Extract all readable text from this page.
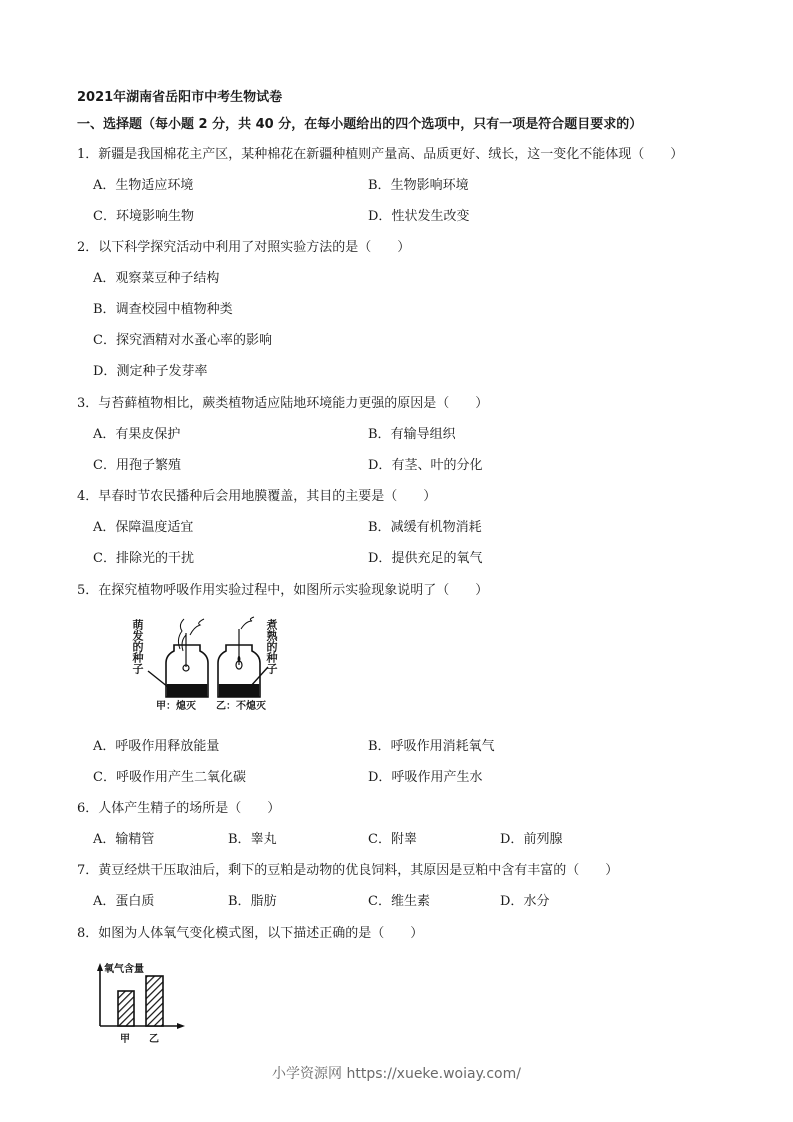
2021年湖南省岳阳市中考生物试卷
一、选择题（每小题 2 分，共 40 分，在每小题给出的四个选项中，只有一项是符合题目要求的）
1．新疆是我国棉花主产区，某种棉花在新疆种植则产量高、品质更好、绒长，这一变化不能体现（　　）
A．生物适应环境	B．生物影响环境
C．环境影响生物	D．性状发生改变
2．以下科学探究活动中利用了对照实验方法的是（　　）
A．观察菜豆种子结构
B．调查校园中植物种类
C．探究酒精对水蚤心率的影响
D．测定种子发芽率
3．与苔藓植物相比，蕨类植物适应陆地环境能力更强的原因是（　　）
A．有果皮保护	B．有输导组织
C．用孢子繁殖	D．有茎、叶的分化
4．早春时节农民播种后会用地膜覆盖，其目的主要是（　　）
A．保障温度适宜	B．减缓有机物消耗
C．排除光的干扰	D．提供充足的氧气
5．在探究植物呼吸作用实验过程中，如图所示实验现象说明了（　　）
萌发的种子	煮熟的种子
甲：熄灭 乙：不熄灭
A．呼吸作用释放能量	B．呼吸作用消耗氧气
C．呼吸作用产生二氧化碳	D．呼吸作用产生水
6．人体产生精子的场所是（　　）
A．输精管	B．睾丸	C．附睾	D．前列腺
7．黄豆经烘干压取油后，剩下的豆粕是动物的优良饲料，其原因是豆粕中含有丰富的（　　）
A．蛋白质	B．脂肪	C．维生素	D．水分
8．如图为人体氧气变化模式图，以下描述正确的是（　　）
氧气含量
甲 乙
小学资源网 https://xueke.woiay.com/
